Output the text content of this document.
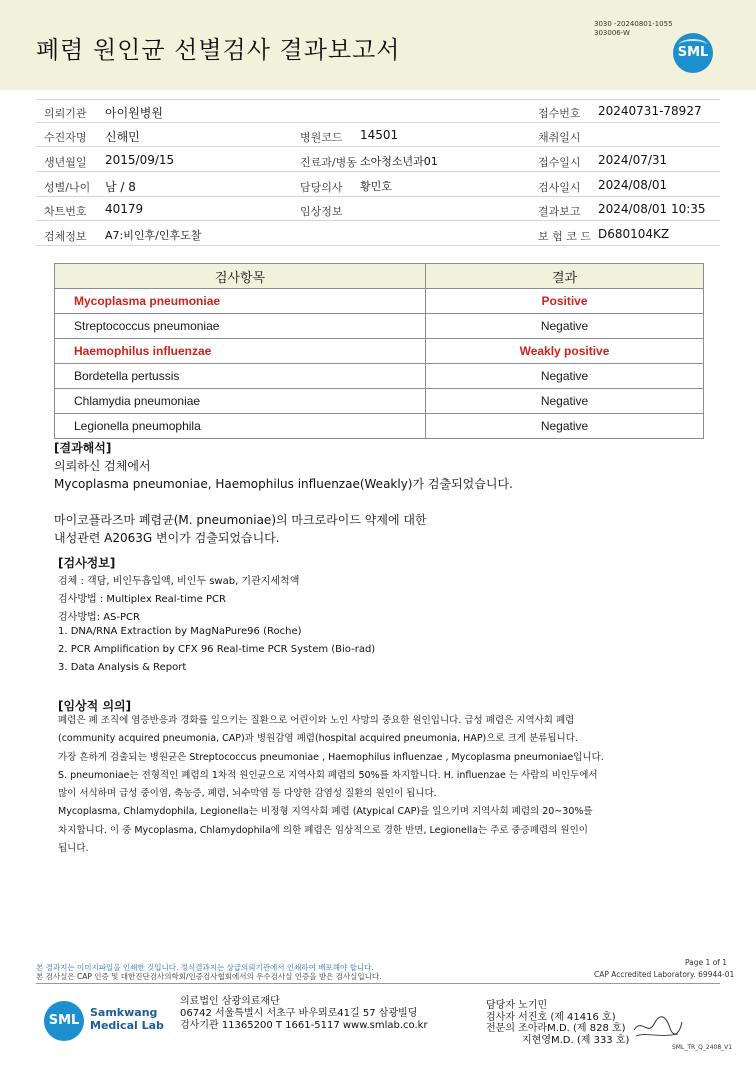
폐렴 원인균 선별검사 결과보고서
3030 -20240801-1055
303006-W
SML
의뢰기관 아이원병원	접수번호 20240731-78927
수진자명 신해민	병원코드 14501	채취일시
생년월일 2015/09/15	진료과/병동 소아청소년과01	접수일시 2024/07/31
성별/나이 남 / 8	담당의사 황민호	검사일시 2024/08/01
차트번호 40179	임상정보	결과보고 2024/08/01 10:35
검체정보 A7:비인후/인후도찰	보 험 코 드 D680104KZ
검사항목	결과
Mycoplasma pneumoniae	Positive
Streptococcus pneumoniae	Negative
Haemophilus influenzae	Weakly positive
Bordetella pertussis	Negative
Chlamydia pneumoniae	Negative
Legionella pneumophila	Negative
[결과해석]
의뢰하신 검체에서
Mycoplasma pneumoniae, Haemophilus influenzae(Weakly)가 검출되었습니다.
마이코플라즈마 폐렴균(M. pneumoniae)의 마크로라이드 약제에 대한
내성관련 A2063G 변이가 검출되었습니다.
[검사정보]
검체 : 객담, 비인두흡입액, 비인두 swab, 기관지세척액
검사방법 : Multiplex Real-time PCR
검사방법: AS-PCR
1. DNA/RNA Extraction by MagNaPure96 (Roche)
2. PCR Amplification by CFX 96 Real-time PCR System (Bio-rad)
3. Data Analysis & Report
[임상적 의의]
폐렴은 폐 조직에 염증반응과 경화를 일으키는 질환으로 어린이와 노인 사망의 중요한 원인입니다. 급성 폐렴은 지역사회 폐렴
(community acquired pneumonia, CAP)과 병원감염 폐렴(hospital acquired pneumonia, HAP)으로 크게 분류됩니다.
가장 흔하게 검출되는 병원균은 Streptococcus pneumoniae , Haemophilus influenzae , Mycoplasma pneumoniae입니다.
S. pneumoniae는 전형적인 폐렴의 1차적 원인균으로 지역사회 폐렴의 50%를 차지합니다. H. influenzae 는 사람의 비인두에서
많이 서식하며 급성 중이염, 축농증, 폐렴, 뇌수막염 등 다양한 감염성 질환의 원인이 됩니다.
Mycoplasma, Chlamydophila, Legionella는 비정형 지역사회 폐렴 (Atypical CAP)을 일으키며 지역사회 폐렴의 20~30%를
차지합니다. 이 중 Mycoplasma, Chlamydophila에 의한 폐렴은 임상적으로 경한 반면, Legionella는 주로 중증폐렴의 원인이
됩니다.
Page 1 of 1
본 결과지는 이미지파일을 인쇄한 것입니다. 정식결과지는 상급의뢰기관에서 인쇄하여 배포해야 합니다.
본 검사실은 CAP 인증 및 대한진단검사의학회/인증검사협회에서의 우수검사실 인증을 받은 검사실입니다.	CAP Accredited Laboratory. 69944-01
SML
Samkwang
Medical Lab
의료법인 삼광의료재단
06742 서울특별시 서초구 바우뫼로41길 57 삼광빌딩
검사기관 11365200 T 1661-5117 www.smlab.co.kr
담당자 노기민
검사자 서진호 (제 41416 호)
전문의 조아라M.D. (제 828 호)
지현영M.D. (제 333 호)
SML_TR_Q_2408_V1
